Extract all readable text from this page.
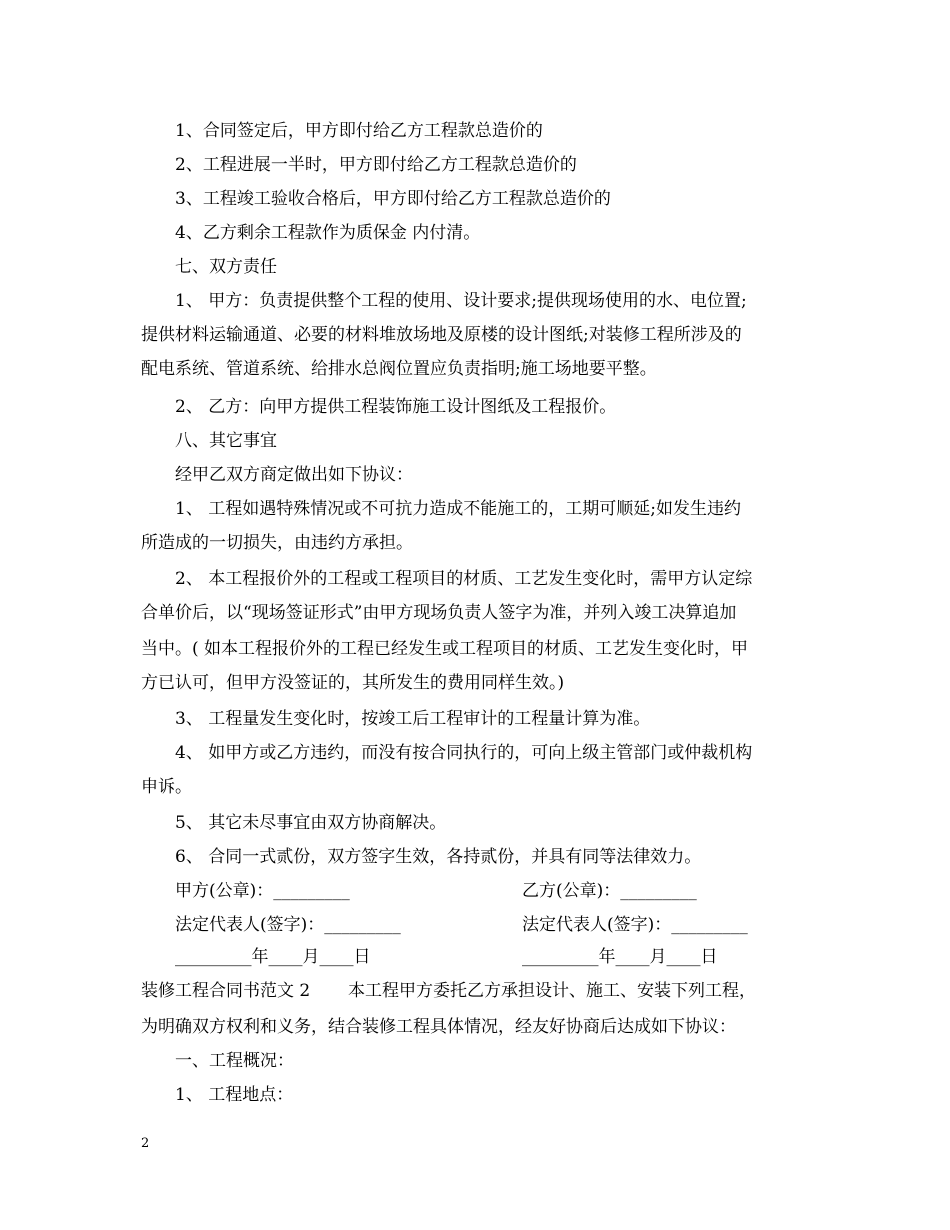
1、合同签定后，甲方即付给乙方工程款总造价的
2、工程进展一半时，甲方即付给乙方工程款总造价的
3、工程竣工验收合格后，甲方即付给乙方工程款总造价的
4、乙方剩余工程款作为质保金 内付清。
七、双方责任
1、 甲方：负责提供整个工程的使用、设计要求;提供现场使用的水、电位置;
提供材料运输通道、必要的材料堆放场地及原楼的设计图纸;对装修工程所涉及的
配电系统、管道系统、给排水总阀位置应负责指明;施工场地要平整。
2、 乙方：向甲方提供工程装饰施工设计图纸及工程报价。
八、其它事宜
经甲乙双方商定做出如下协议：
1、 工程如遇特殊情况或不可抗力造成不能施工的，工期可顺延;如发生违约
所造成的一切损失，由违约方承担。
2、 本工程报价外的工程或工程项目的材质、工艺发生变化时，需甲方认定综
合单价后，以“现场签证形式”由甲方现场负责人签字为准，并列入竣工决算追加
当中。( 如本工程报价外的工程已经发生或工程项目的材质、工艺发生变化时，甲
方已认可，但甲方没签证的，其所发生的费用同样生效。)
3、 工程量发生变化时，按竣工后工程审计的工程量计算为准。
4、 如甲方或乙方违约，而没有按合同执行的，可向上级主管部门或仲裁机构
申诉。
5、 其它未尽事宜由双方协商解决。
6、 合同一式贰份，双方签字生效，各持贰份，并具有同等法律效力。
甲方(公章)：_________	乙方(公章)：_________
法定代表人(签字)：_________	法定代表人(签字)：_________
_________年____月____日	_________年____月____日
装修工程合同书范文 2       本工程甲方委托乙方承担设计、施工、安装下列工程，
为明确双方权利和义务，结合装修工程具体情况，经友好协商后达成如下协议：
一、工程概况：
1、 工程地点：
2
